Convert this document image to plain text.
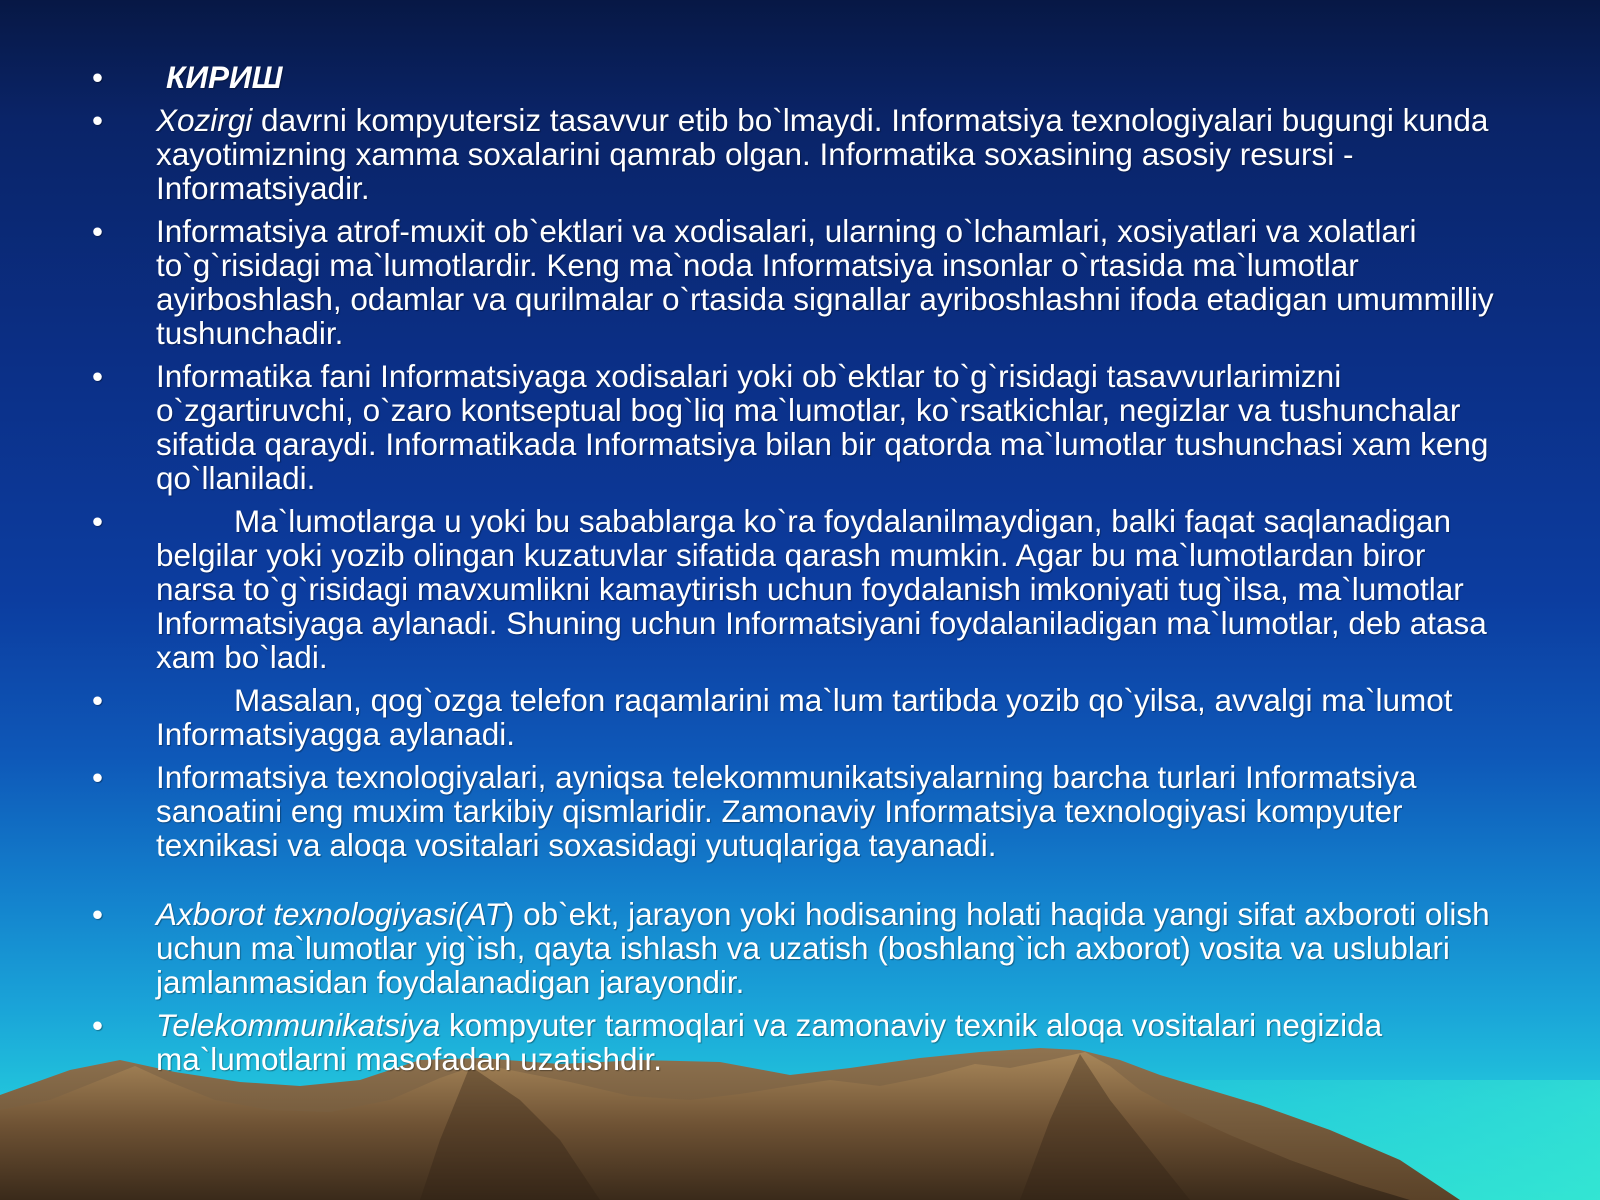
• КИРИШ
• Xozirgi davrni kompyutersiz tasavvur etib bo`lmaydi. Informatsiya texnologiyalari bugungi kunda xayotimizning xamma soxalarini qamrab olgan. Informatika soxasining asosiy resursi - Informatsiyadir.
• Informatsiya atrof-muxit ob`ektlari va xodisalari, ularning o`lchamlari, xosiyatlari va xolatlari to`g`risidagi ma`lumotlardir. Keng ma`noda Informatsiya insonlar o`rtasida ma`lumotlar ayirboshlash, odamlar va qurilmalar o`rtasida signallar ayriboshlashni ifoda etadigan umummilliy tushunchadir.
• Informatika fani Informatsiyaga xodisalari yoki ob`ektlar to`g`risidagi tasavvurlarimizni o`zgartiruvchi, o`zaro kontseptual bog`liq ma`lumotlar, ko`rsatkichlar, negizlar va tushunchalar sifatida qaraydi. Informatikada Informatsiya bilan bir qatorda ma`lumotlar tushunchasi xam keng qo`llaniladi.
•	Ma`lumotlarga u yoki bu sabablarga ko`ra foydalanilmaydigan, balki faqat saqlanadigan belgilar yoki yozib olingan kuzatuvlar sifatida qarash mumkin. Agar bu ma`lumotlardan biror narsa to`g`risidagi mavxumlikni kamaytirish uchun foydalanish imkoniyati tug`ilsa, ma`lumotlar Informatsiyaga aylanadi. Shuning uchun Informatsiyani foydalaniladigan ma`lumotlar, deb atasa xam bo`ladi.
•	Masalan, qog`ozga telefon raqamlarini ma`lum tartibda yozib qo`yilsa, avvalgi ma`lumot Informatsiyagga aylanadi.
• Informatsiya texnologiyalari, ayniqsa telekommunikatsiyalarning barcha turlari Informatsiya sanoatini eng muxim tarkibiy qismlaridir. Zamonaviy Informatsiya texnologiyasi kompyuter texnikasi va aloqa vositalari soxasidagi yutuqlariga tayanadi.
• Axborot texnologiyasi(AT) ob`ekt, jarayon yoki hodisaning holati haqida yangi sifat axboroti olish uchun ma`lumotlar yig`ish, qayta ishlash va uzatish (boshlang`ich axborot) vosita va uslublari jamlanmasidan foydalanadigan jarayondir.
• Telekommunikatsiya kompyuter tarmoqlari va zamonaviy texnik aloqa vositalari negizida ma`lumotlarni masofadan uzatishdir.
